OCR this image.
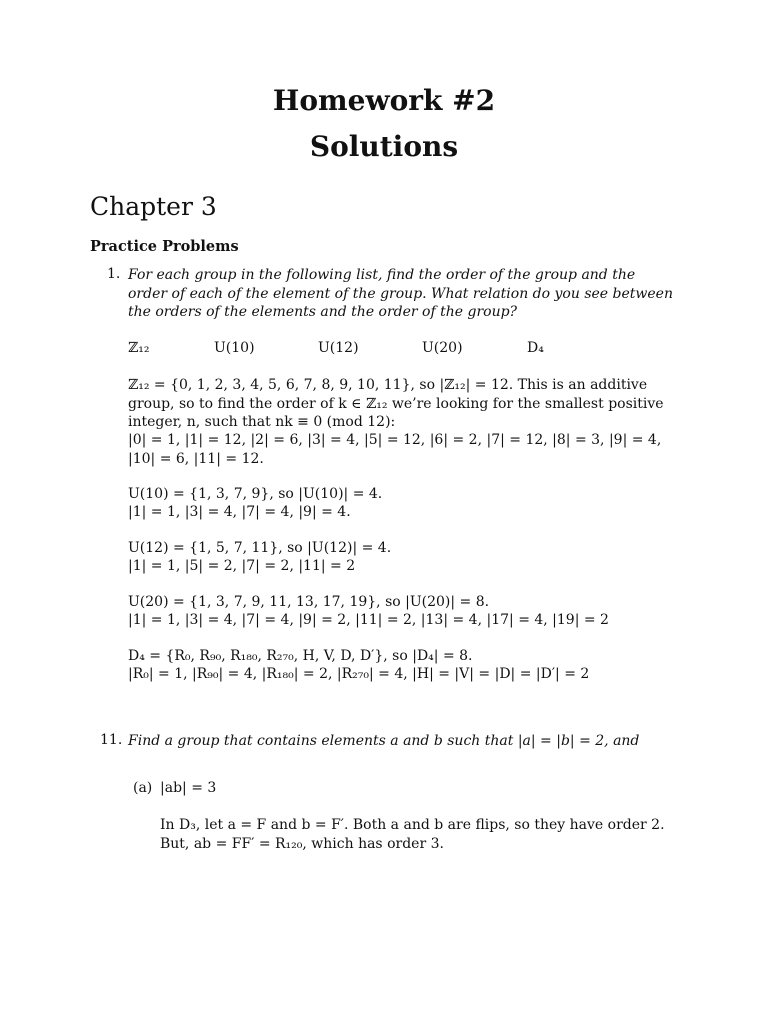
Homework #2
Solutions
Chapter 3
Practice Problems
1. For each group in the following list, find the order of the group and the order of each of the element of the group. What relation do you see between the orders of the elements and the order of the group?
ℤ₁₂	U(10)	U(12)	U(20)	D₄
ℤ₁₂ = {0, 1, 2, 3, 4, 5, 6, 7, 8, 9, 10, 11}, so |ℤ₁₂| = 12. This is an additive group, so to find the order of k ∈ ℤ₁₂ we’re looking for the smallest positive integer, n, such that nk ≡ 0 (mod 12):
|0| = 1, |1| = 12, |2| = 6, |3| = 4, |5| = 12, |6| = 2, |7| = 12, |8| = 3, |9| = 4, |10| = 6, |11| = 12.
U(10) = {1, 3, 7, 9}, so |U(10)| = 4.
|1| = 1, |3| = 4, |7| = 4, |9| = 4.
U(12) = {1, 5, 7, 11}, so |U(12)| = 4.
|1| = 1, |5| = 2, |7| = 2, |11| = 2
U(20) = {1, 3, 7, 9, 11, 13, 17, 19}, so |U(20)| = 8.
|1| = 1, |3| = 4, |7| = 4, |9| = 2, |11| = 2, |13| = 4, |17| = 4, |19| = 2
D₄ = {R₀, R₉₀, R₁₈₀, R₂₇₀, H, V, D, D′}, so |D₄| = 8.
|R₀| = 1, |R₉₀| = 4, |R₁₈₀| = 2, |R₂₇₀| = 4, |H| = |V| = |D| = |D′| = 2
11. Find a group that contains elements a and b such that |a| = |b| = 2, and
(a) |ab| = 3
In D₃, let a = F and b = F′. Both a and b are flips, so they have order 2. But, ab = FF′ = R₁₂₀, which has order 3.
